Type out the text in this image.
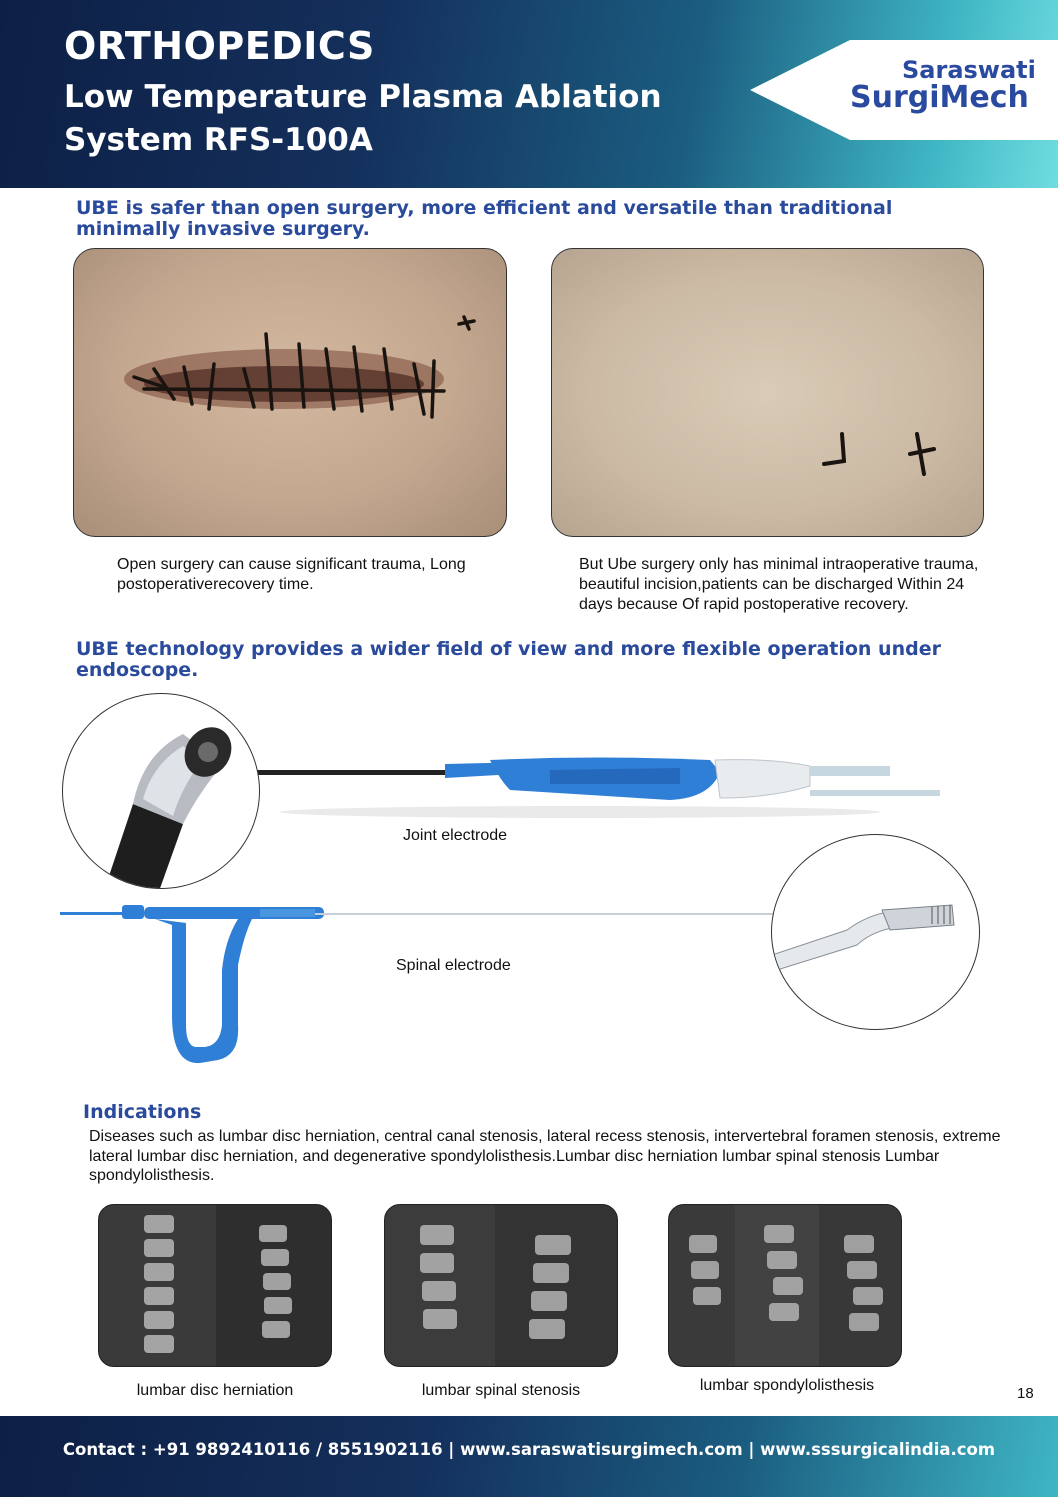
ORTHOPEDICS
Low Temperature Plasma Ablation System RFS-100A
Saraswati
SurgiMech
UBE is safer than open surgery, more efficient and versatile than traditional minimally invasive surgery.
Open surgery can cause significant trauma, Long postoperativerecovery time.
But Ube surgery only has minimal intraoperative trauma, beautiful incision,patients can be discharged Within 24 days because Of rapid postoperative recovery.
UBE technology provides a wider field of view and more flexible operation under endoscope.
Joint electrode
Spinal electrode
Indications
Diseases such as lumbar disc herniation, central canal stenosis, lateral recess stenosis, intervertebral foramen stenosis, extreme lateral lumbar disc herniation, and degenerative spondylolisthesis.Lumbar disc herniation lumbar spinal stenosis Lumbar spondylolisthesis.
lumbar disc herniation	lumbar spinal stenosis	lumbar spondylolisthesis	18
Contact : +91 9892410116 / 8551902116 | www.saraswatisurgimech.com | www.sssurgicalindia.com
